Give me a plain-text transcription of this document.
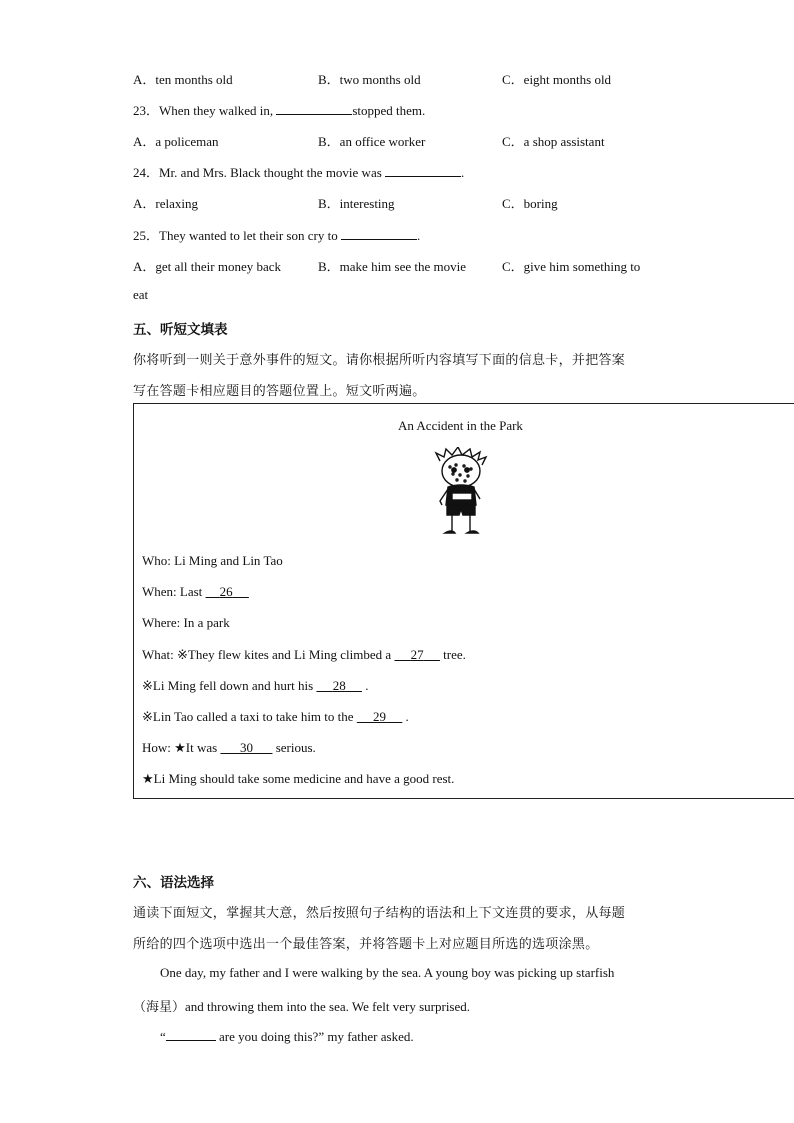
A．ten months old	B．two months old	C．eight months old
23．When they walked in,	stopped them.
A．a policeman	B．an office worker	C．a shop assistant
24．Mr. and Mrs. Black thought the movie was	.
A．relaxing	B．interesting	C．boring
25．They wanted to let their son cry to	.
A．get all their money back	B．make him see the movie	C．give him something to
eat
五、听短文填表
你将听到一则关于意外事件的短文。请你根据所听内容填写下面的信息卡，并把答案
写在答题卡相应题目的答题位置上。短文听两遍。
An Accident in the Park
Who: Li Ming and Lin Tao
When: Last   26
Where: In a park
What: ※They flew kites and Li Ming climbed a 27 tree.
※Li Ming fell down and hurt his 28 .
※Lin Tao called a taxi to take him to the 29 .
How: ★It was 30 serious.
★Li Ming should take some medicine and have a good rest.
六、语法选择
通读下面短文，掌握其大意，然后按照句子结构的语法和上下文连贯的要求，从每题
所给的四个选项中选出一个最佳答案，并将答题卡上对应题目所选的选项涂黑。
One day, my father and I were walking by the sea. A young boy was picking up starfish
（海星）and throwing them into the sea. We felt very surprised.
“	are you doing this?” my father asked.
